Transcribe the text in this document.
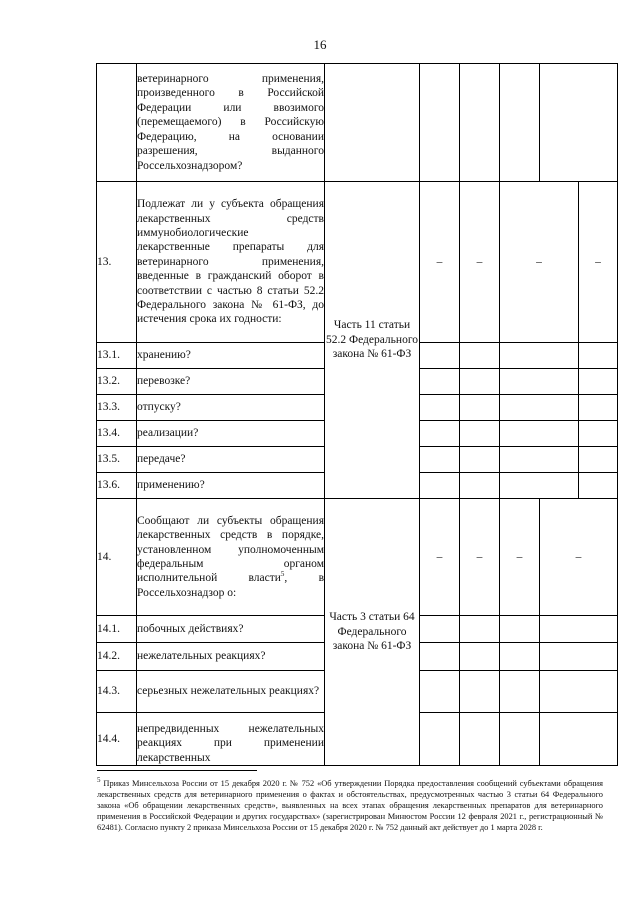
16
	ветеринарного применения, произведенного в Российской Федерации или ввозимого (перемещаемого) в Российскую Федерацию, на основании разрешения, выданного Россельхознадзором?						
13.	Подлежат ли у субъекта обращения лекарственных средств иммунобиологические лекарственные препараты для ветеринарного применения, введенные в гражданский оборот в соответствии с частью 8 статьи 52.2 Федерального закона № 61-ФЗ, до истечения срока их годности:	Часть 11 статьи 52.2 Федерального закона № 61-ФЗ	–	–	–		–
13.1.	хранению?						
13.2.	перевозке?						
13.3.	отпуску?						
13.4.	реализации?						
13.5.	передаче?						
13.6.	применению?						
14.	Сообщают ли субъекты обращения лекарственных средств в порядке, установленном уполномоченным федеральным органом исполнительной власти$^5$, в Россельхознадзор о:	Часть 3 статьи 64 Федерального закона № 61-ФЗ	–	–	–	–	
14.1.	побочных действиях?						
14.2.	нежелательных реакциях?						
14.3.	серьезных нежелательных реакциях?						
14.4.	непредвиденных нежелательных реакциях при применении лекарственных						
$^5$ Приказ Минсельхоза России от 15 декабря 2020 г. № 752 «Об утверждении Порядка предоставления сообщений субъектами обращения лекарственных средств для ветеринарного применения о фактах и обстоятельствах, предусмотренных частью 3 статьи 64 Федерального закона «Об обращении лекарственных средств», выявленных на всех этапах обращения лекарственных препаратов для ветеринарного применения в Российской Федерации и других государствах» (зарегистрирован Минюстом России 12 февраля 2021 г., регистрационный № 62481). Согласно пункту 2 приказа Минсельхоза России от 15 декабря 2020 г. № 752 данный акт действует до 1 марта 2028 г.
